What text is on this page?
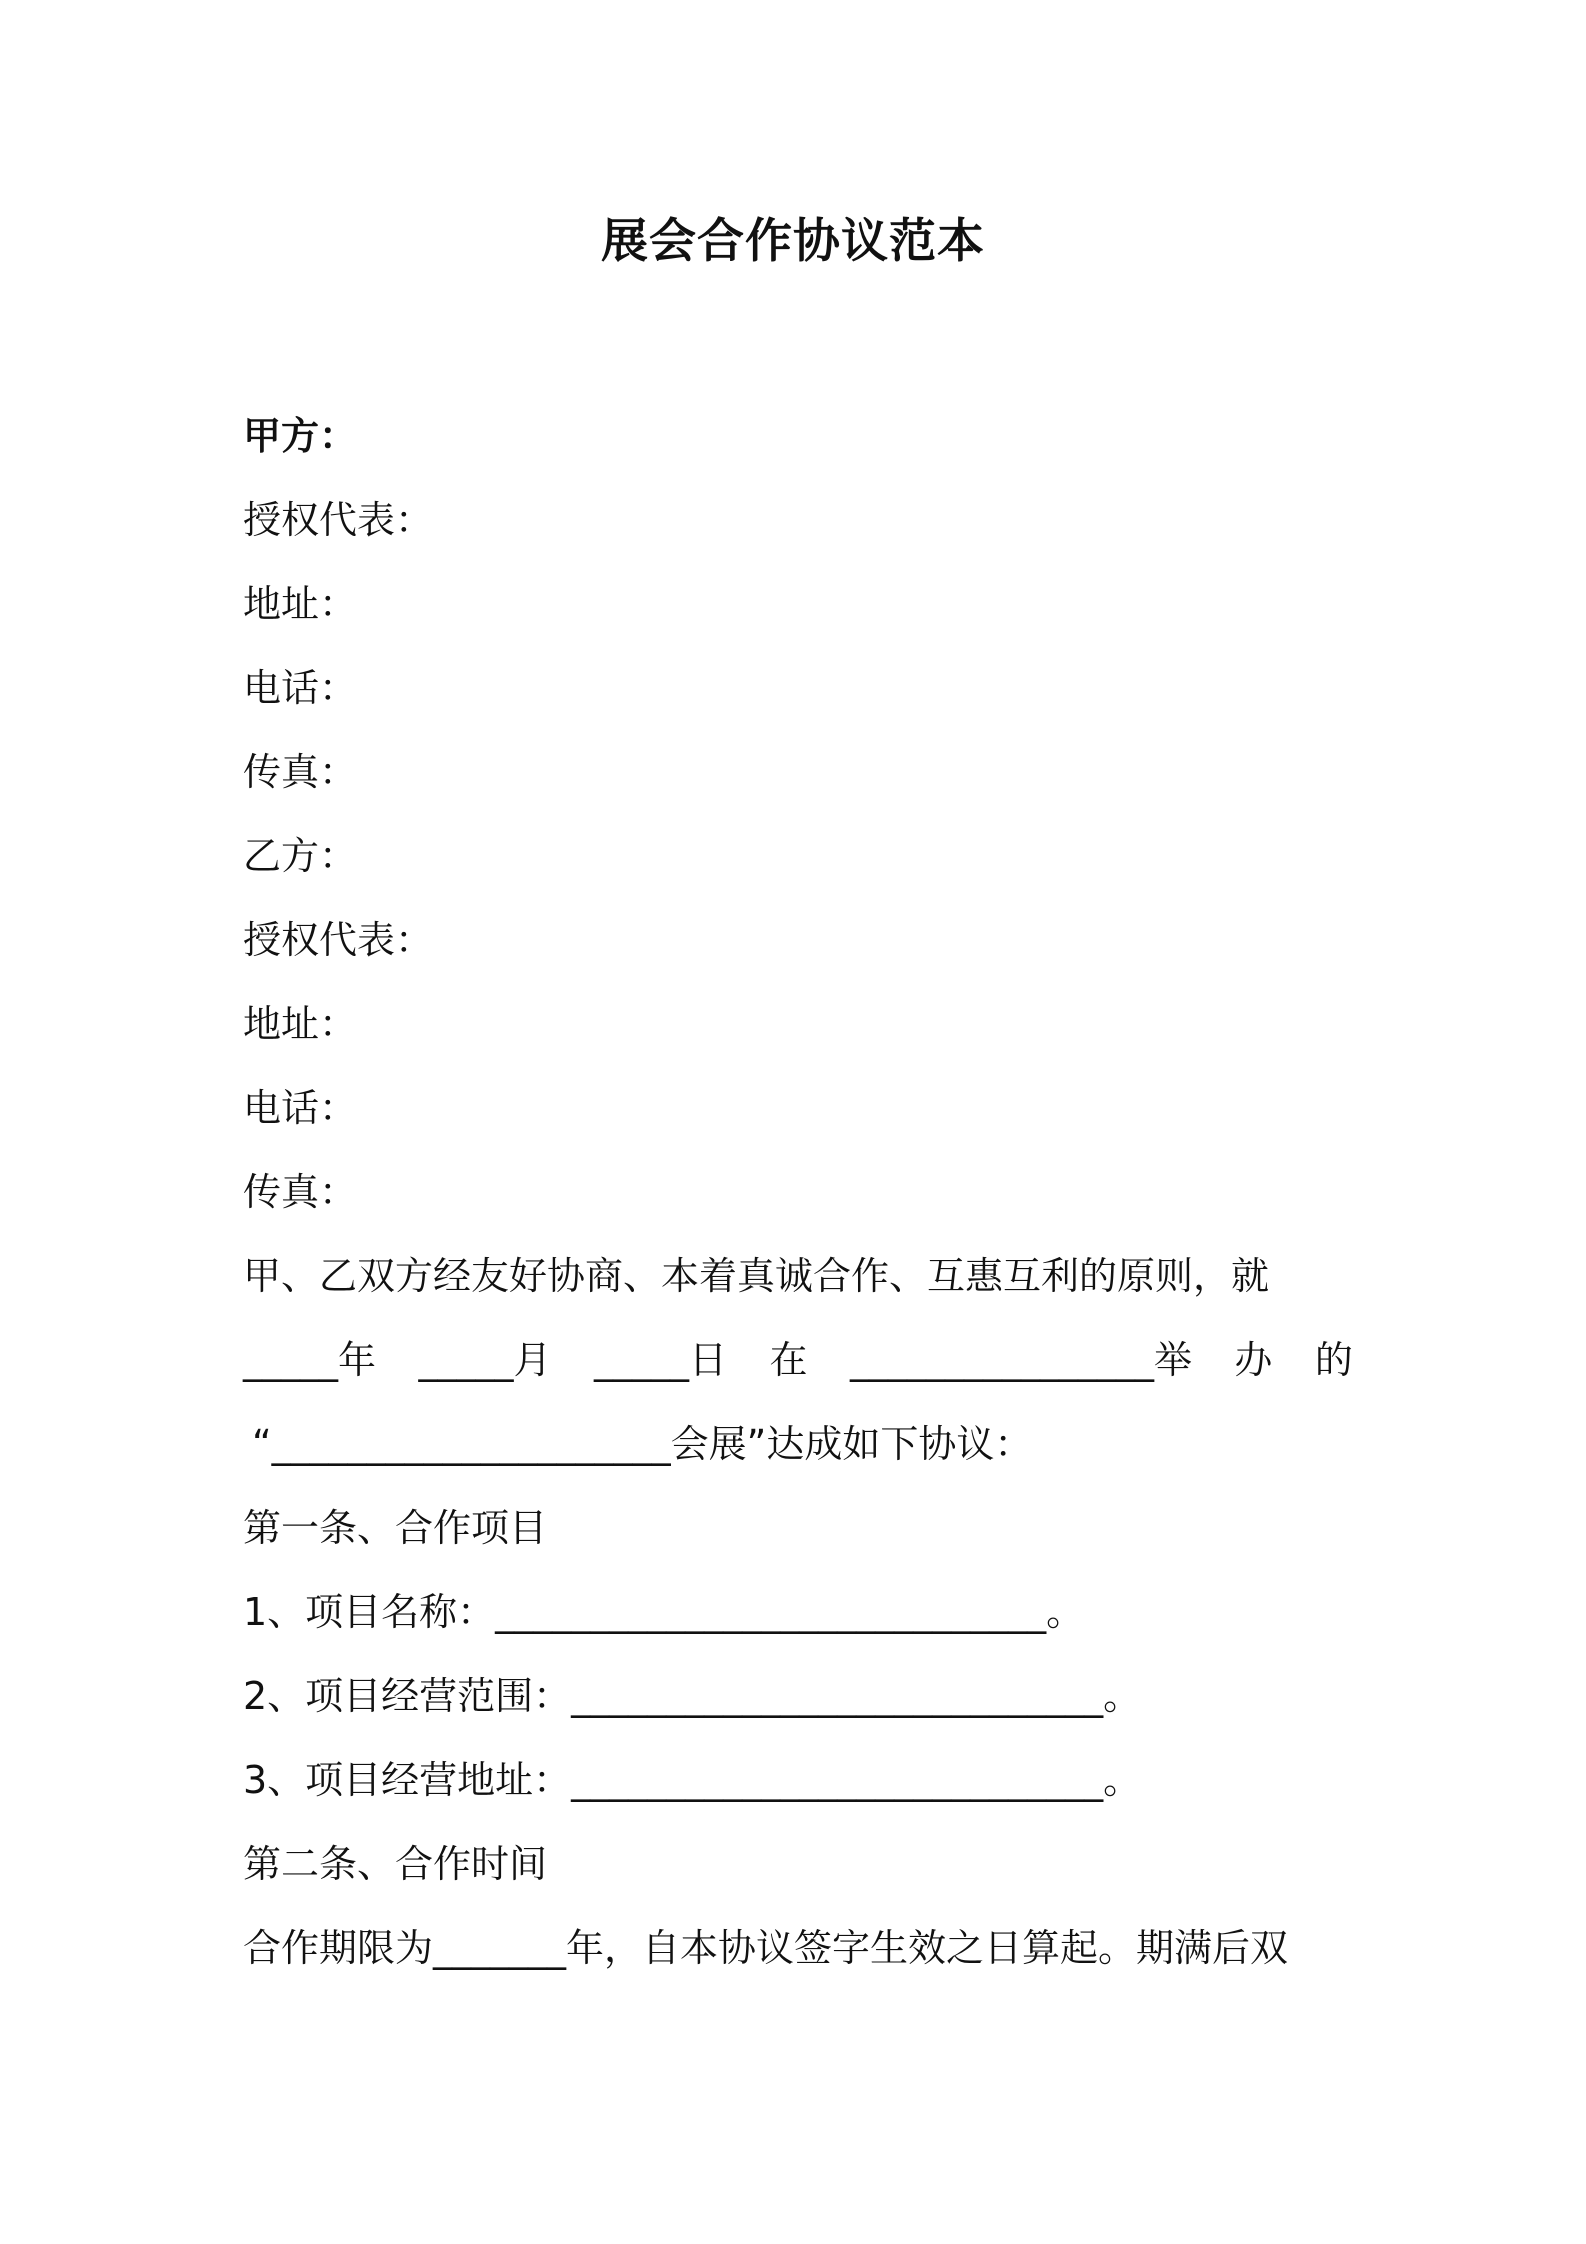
展会合作协议范本
甲方：
授权代表：
地址：
电话：
传真：
乙方：
授权代表：
地址：
电话：
传真：
甲、乙双方经友好协商、本着真诚合作、互惠互利的原则，就
_____年 _____月 _____日 在 ________________举 办 的
“_____________________会展”达成如下协议：
第一条、合作项目
1、项目名称：_____________________________。
2、项目经营范围：____________________________。
3、项目经营地址：____________________________。
第二条、合作时间
合作期限为_______年，自本协议签字生效之日算起。期满后双
